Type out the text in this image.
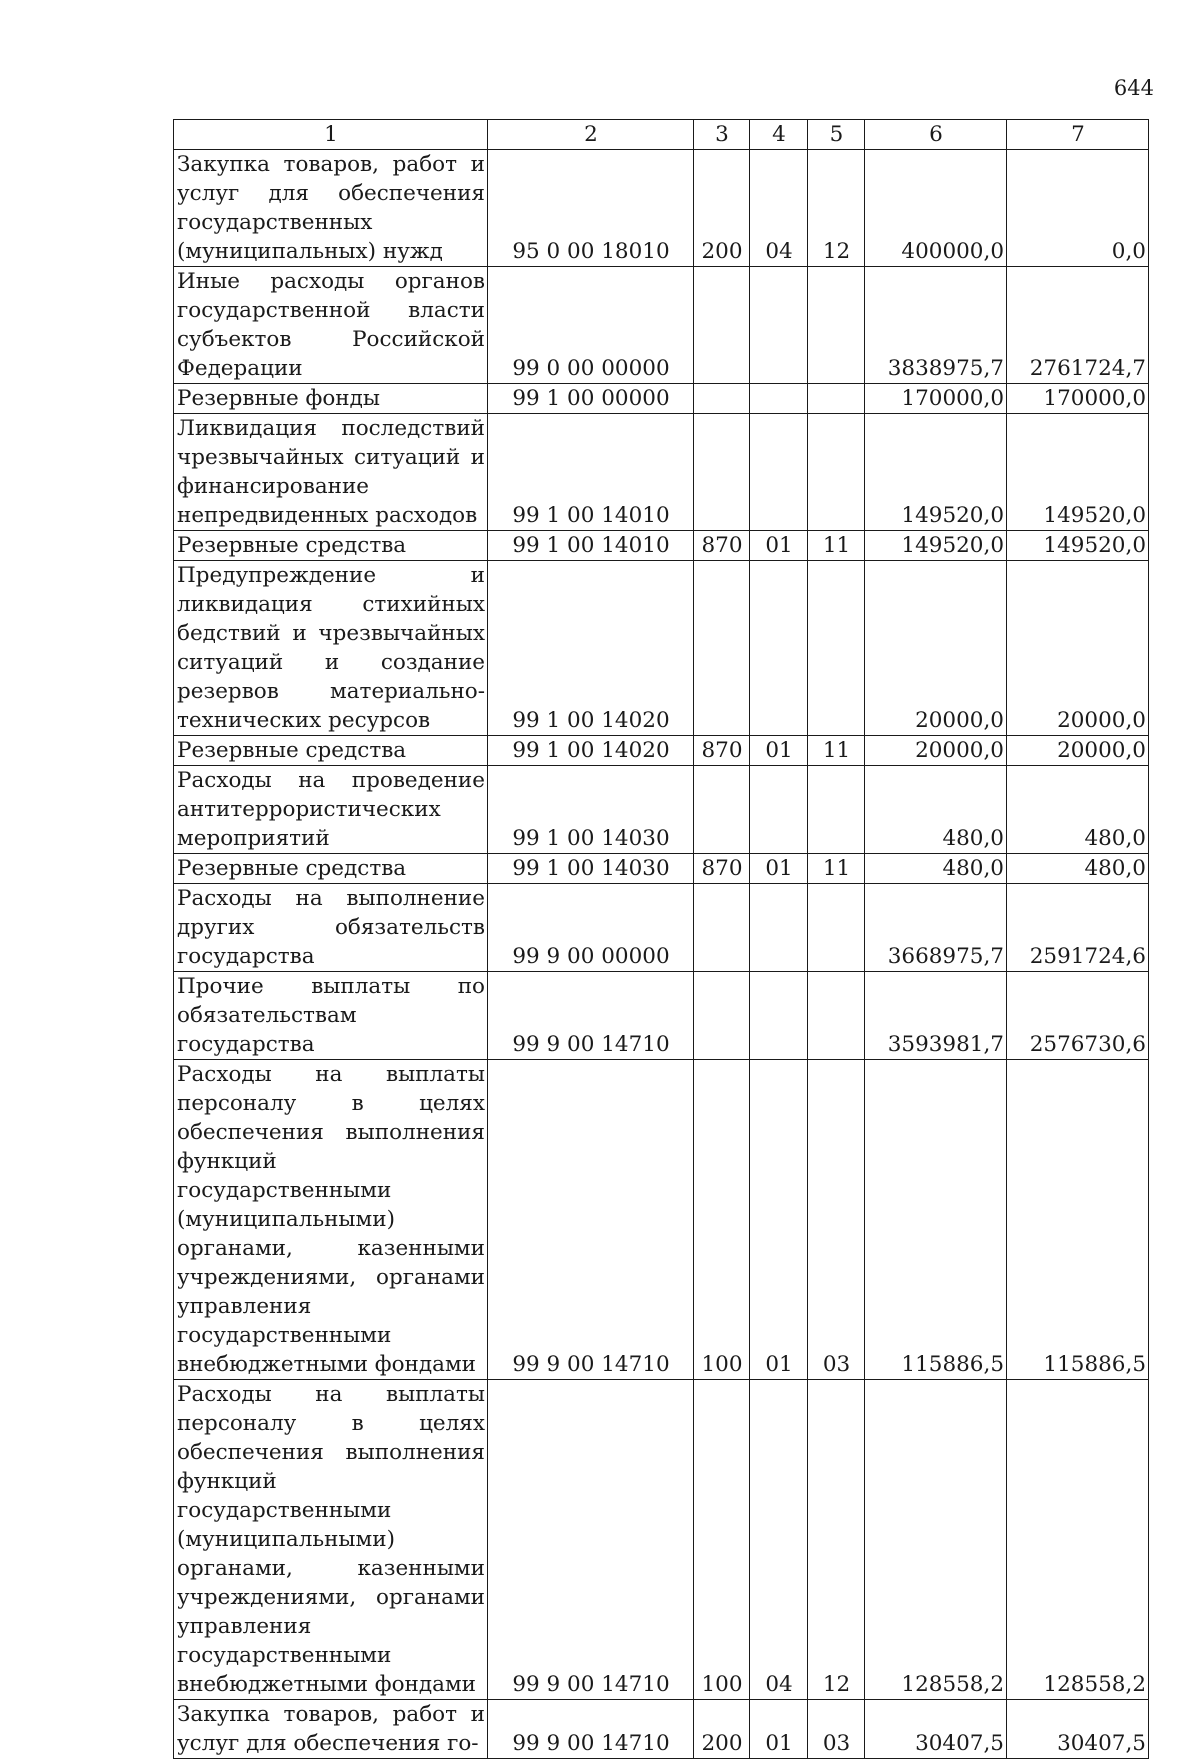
644
1	2	3	4	5	6	7
Закупка товаров, работ и услуг для обеспечения государственных (муниципальных) нужд	95 0 00 18010	200	04	12	400000,0	0,0
Иные расходы органов государственной власти субъектов Российской Федерации	99 0 00 00000				3838975,7	2761724,7
Резервные фонды	99 1 00 00000				170000,0	170000,0
Ликвидация последствий чрезвычайных ситуаций и финансирование непредвиденных расходов	99 1 00 14010				149520,0	149520,0
Резервные средства	99 1 00 14010	870	01	11	149520,0	149520,0
Предупреждение и ликвидация стихийных бедствий и чрезвычайных ситуаций и создание резервов материально-технических ресурсов	99 1 00 14020				20000,0	20000,0
Резервные средства	99 1 00 14020	870	01	11	20000,0	20000,0
Расходы на проведение антитеррористических мероприятий	99 1 00 14030				480,0	480,0
Резервные средства	99 1 00 14030	870	01	11	480,0	480,0
Расходы на выполнение других обязательств государства	99 9 00 00000				3668975,7	2591724,6
Прочие выплаты по обязательствам государства	99 9 00 14710				3593981,7	2576730,6
Расходы на выплаты персоналу в целях обеспечения выполнения функций государственными (муниципальными) органами, казенными учреждениями, органами управления государственными внебюджетными фондами	99 9 00 14710	100	01	03	115886,5	115886,5
Расходы на выплаты персоналу в целях обеспечения выполнения функций государственными (муниципальными) органами, казенными учреждениями, органами управления государственными внебюджетными фондами	99 9 00 14710	100	04	12	128558,2	128558,2
Закупка товаров, работ и услуг для обеспечения го-	99 9 00 14710	200	01	03	30407,5	30407,5
